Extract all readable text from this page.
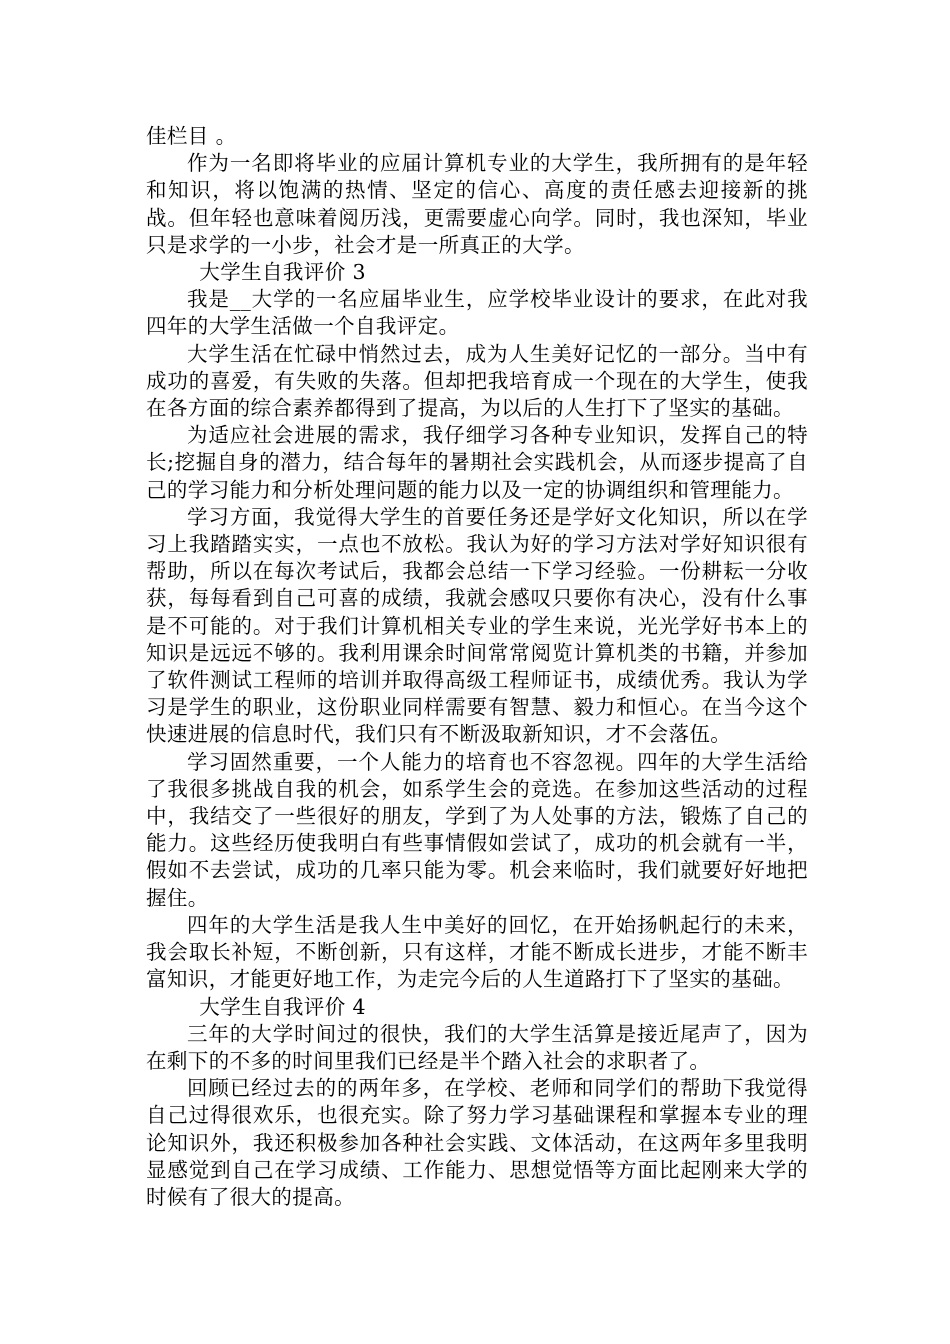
佳栏目 。

作为一名即将毕业的应届计算机专业的大学生，我所拥有的是年轻和知识，将以饱满的热情、坚定的信心、高度的责任感去迎接新的挑战。但年轻也意味着阅历浅，更需要虚心向学。同时，我也深知，毕业只是求学的一小步，社会才是一所真正的大学。

大学生自我评价 3

我是__大学的一名应届毕业生，应学校毕业设计的要求，在此对我四年的大学生活做一个自我评定。

大学生活在忙碌中悄然过去，成为人生美好记忆的一部分。当中有成功的喜爱，有失败的失落。但却把我培育成一个现在的大学生，使我在各方面的综合素养都得到了提高，为以后的人生打下了坚实的基础。

为适应社会进展的需求，我仔细学习各种专业知识，发挥自己的特长;挖掘自身的潜力，结合每年的暑期社会实践机会，从而逐步提高了自己的学习能力和分析处理问题的能力以及一定的协调组织和管理能力。

学习方面，我觉得大学生的首要任务还是学好文化知识，所以在学习上我踏踏实实，一点也不放松。我认为好的学习方法对学好知识很有帮助，所以在每次考试后，我都会总结一下学习经验。一份耕耘一分收获，每每看到自己可喜的成绩，我就会感叹只要你有决心，没有什么事是不可能的。对于我们计算机相关专业的学生来说，光光学好书本上的知识是远远不够的。我利用课余时间常常阅览计算机类的书籍，并参加了软件测试工程师的培训并取得高级工程师证书，成绩优秀。我认为学习是学生的职业，这份职业同样需要有智慧、毅力和恒心。在当今这个快速进展的信息时代，我们只有不断汲取新知识，才不会落伍。

学习固然重要，一个人能力的培育也不容忽视。四年的大学生活给了我很多挑战自我的机会，如系学生会的竞选。在参加这些活动的过程中，我结交了一些很好的朋友，学到了为人处事的方法，锻炼了自己的能力。这些经历使我明白有些事情假如尝试了，成功的机会就有一半，假如不去尝试，成功的几率只能为零。机会来临时，我们就要好好地把握住。

四年的大学生活是我人生中美好的回忆，在开始扬帆起行的未来，我会取长补短，不断创新，只有这样，才能不断成长进步，才能不断丰富知识，才能更好地工作，为走完今后的人生道路打下了坚实的基础。

大学生自我评价 4

三年的大学时间过的很快，我们的大学生活算是接近尾声了，因为在剩下的不多的时间里我们已经是半个踏入社会的求职者了。

回顾已经过去的的两年多，在学校、老师和同学们的帮助下我觉得自己过得很欢乐，也很充实。除了努力学习基础课程和掌握本专业的理论知识外，我还积极参加各种社会实践、文体活动，在这两年多里我明显感觉到自己在学习成绩、工作能力、思想觉悟等方面比起刚来大学的时候有了很大的提高。
